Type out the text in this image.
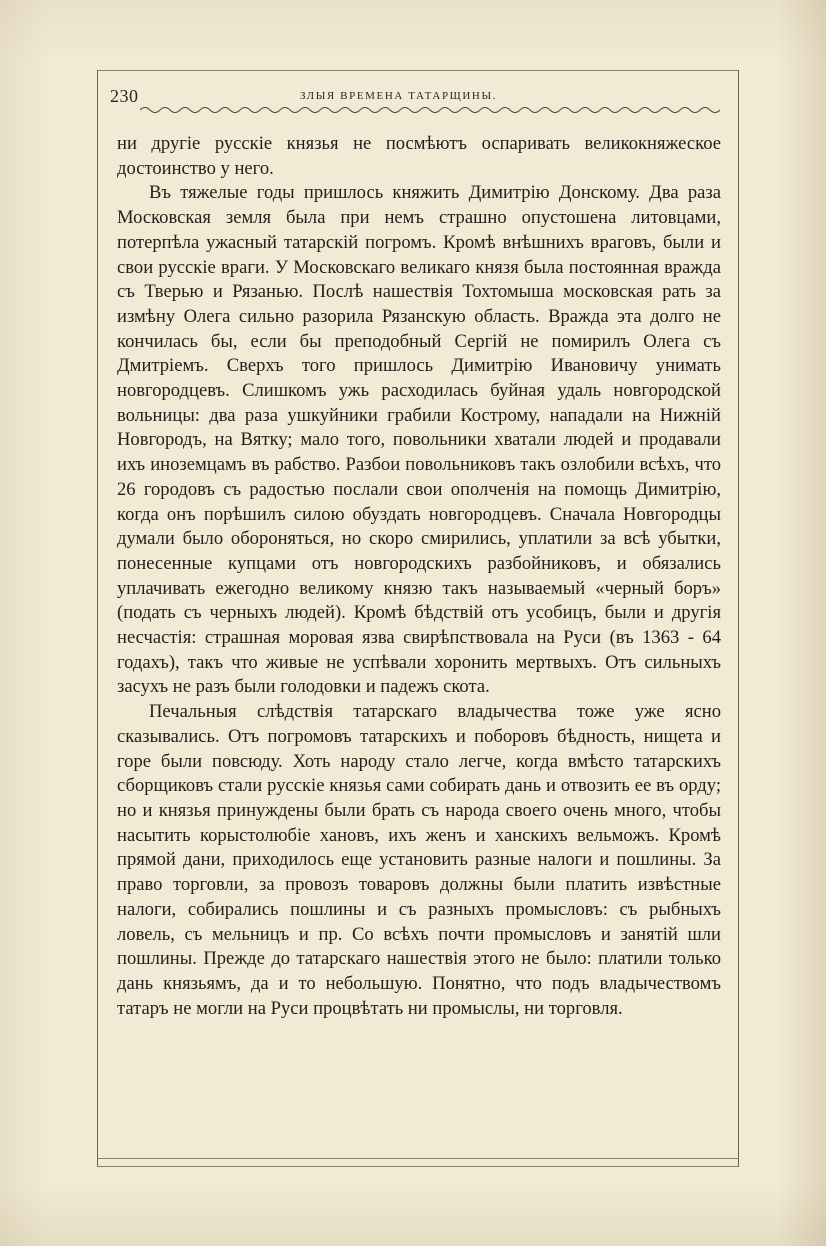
230	ЗЛЫЯ ВРЕМЕНА ТАТАРЩИНЫ.

ни другіе русскіе князья не посмѣютъ оспаривать великокняжеское достоинство у него.

Въ тяжелые годы пришлось княжить Димитрію Донскому. Два раза Московская земля была при немъ страшно опустошена литовцами, потерпѣла ужасный татарскій погромъ. Кромѣ внѣшнихъ враговъ, были и свои русскіе враги. У Московскаго великаго князя была постоянная вражда съ Тверью и Рязанью. Послѣ нашествія Тохтомыша московская рать за измѣну Олега сильно разорила Рязанскую область. Вражда эта долго не кончилась бы, если бы преподобный Сергій не помирилъ Олега съ Дмитріемъ. Сверхъ того пришлось Димитрію Ивановичу унимать новгородцевъ. Слишкомъ ужь расходилась буйная удаль новгородской вольницы: два раза ушкуйники грабили Кострому, нападали на Нижній Новгородъ, на Вятку; мало того, повольники хватали людей и продавали ихъ иноземцамъ въ рабство. Разбои повольниковъ такъ озлобили всѣхъ, что 26 городовъ съ радостью послали свои ополченія на помощь Димитрію, когда онъ порѣшилъ силою обуздать новгородцевъ. Сначала Новгородцы думали было обороняться, но скоро смирились, уплатили за всѣ убытки, понесенные купцами отъ новгородскихъ разбойниковъ, и обязались уплачивать ежегодно великому князю такъ называемый «черный боръ» (подать съ черныхъ людей). Кромѣ бѣдствій отъ усобицъ, были и другія несчастія: страшная моровая язва свирѣпствовала на Руси (въ 1363 - 64 годахъ), такъ что живые не успѣвали хоронить мертвыхъ. Отъ сильныхъ засухъ не разъ были голодовки и падежъ скота.

Печальныя слѣдствія татарскаго владычества тоже уже ясно сказывались. Отъ погромовъ татарскихъ и поборовъ бѣдность, нищета и горе были повсюду. Хоть народу стало легче, когда вмѣсто татарскихъ сборщиковъ стали русскіе князья сами собирать дань и отвозить ее въ орду; но и князья принуждены были брать съ народа своего очень много, чтобы насытить корыстолюбіе хановъ, ихъ женъ и ханскихъ вельможъ. Кромѣ прямой дани, приходилось еще установить разные налоги и пошлины. За право торговли, за провозъ товаровъ должны были платить извѣстные налоги, собирались пошлины и съ разныхъ промысловъ: съ рыбныхъ ловель, съ мельницъ и пр. Со всѣхъ почти промысловъ и занятій шли пошлины. Прежде до татарскаго нашествія этого не было: платили только дань князьямъ, да и то небольшую. Понятно, что подъ владычествомъ татаръ не могли на Руси процвѣтать ни промыслы, ни торговля.
